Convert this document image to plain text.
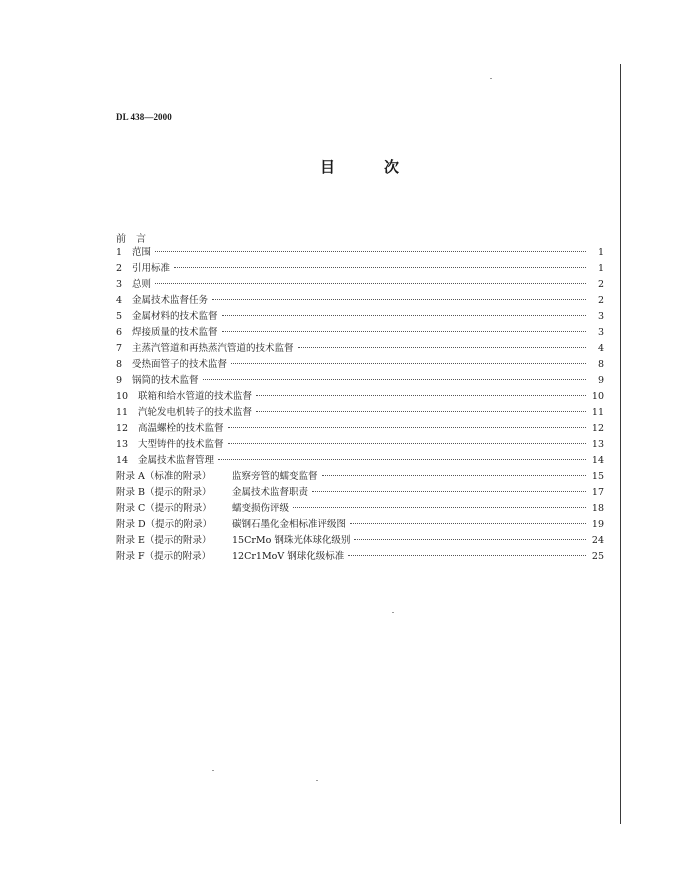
DL 438—2000
目	次
前 言
1	范围	1
2	引用标准	1
3	总则	2
4	金属技术监督任务	2
5	金属材料的技术监督	3
6	焊接质量的技术监督	3
7	主蒸汽管道和再热蒸汽管道的技术监督	4
8	受热面管子的技术监督	8
9	锅筒的技术监督	9
10	联箱和给水管道的技术监督	10
11	汽轮发电机转子的技术监督	11
12	高温螺栓的技术监督	12
13	大型铸件的技术监督	13
14	金属技术监督管理	14
附录 A（标准的附录）	监察旁管的蠕变监督	15
附录 B（提示的附录）	金属技术监督职责	17
附录 C（提示的附录）	蠕变损伤评级	18
附录 D（提示的附录）	碳钢石墨化金相标准评级图	19
附录 E（提示的附录）	15CrMo 钢珠光体球化级别	24
附录 F（提示的附录）	12Cr1MoV 钢球化级标准	25
